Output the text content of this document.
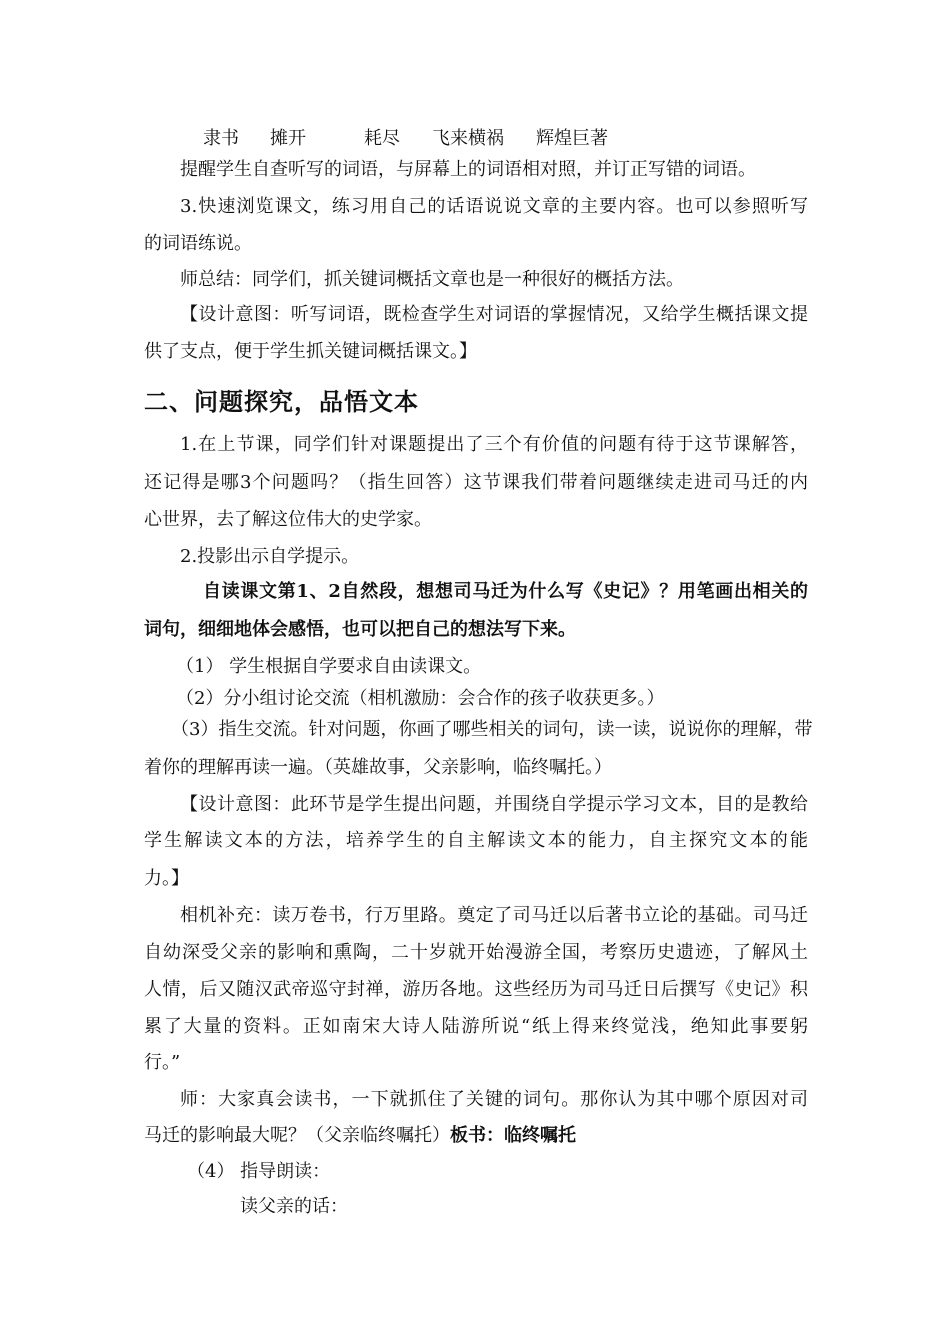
隶书 摊开	耗尽 飞来横祸 辉煌巨著
提醒学生自查听写的词语，与屏幕上的词语相对照，并订正写错的词语。
3.快速浏览课文，练习用自己的话语说说文章的主要内容。也可以参照听写
的词语练说。
师总结：同学们，抓关键词概括文章也是一种很好的概括方法。
【设计意图：听写词语，既检查学生对词语的掌握情况，又给学生概括课文提
供了支点，便于学生抓关键词概括课文。】
二、问题探究，品悟文本
1.在上节课，同学们针对课题提出了三个有价值的问题有待于这节课解答，
还记得是哪3个问题吗？（指生回答）这节课我们带着问题继续走进司马迁的内
心世界，去了解这位伟大的史学家。
2.投影出示自学提示。
自读课文第1、2自然段，想想司马迁为什么写《史记》？用笔画出相关的
词句，细细地体会感悟，也可以把自己的想法写下来。
（1） 学生根据自学要求自由读课文。
（2）分小组讨论交流（相机激励：会合作的孩子收获更多。）
（3）指生交流。针对问题，你画了哪些相关的词句，读一读，说说你的理解，带
着你的理解再读一遍。（英雄故事，父亲影响，临终嘱托。）
【设计意图：此环节是学生提出问题，并围绕自学提示学习文本，目的是教给
学生解读文本的方法，培养学生的自主解读文本的能力，自主探究文本的能
力。】
相机补充：读万卷书，行万里路。奠定了司马迁以后著书立论的基础。司马迁
自幼深受父亲的影响和熏陶，二十岁就开始漫游全国，考察历史遗迹，了解风土
人情，后又随汉武帝巡守封禅，游历各地。这些经历为司马迁日后撰写《史记》积
累了大量的资料。正如南宋大诗人陆游所说“纸上得来终觉浅，绝知此事要躬
行。”
师：大家真会读书，一下就抓住了关键的词句。那你认为其中哪个原因对司
马迁的影响最大呢？（父亲临终嘱托）板书：临终嘱托
（4） 指导朗读：
读父亲的话：
